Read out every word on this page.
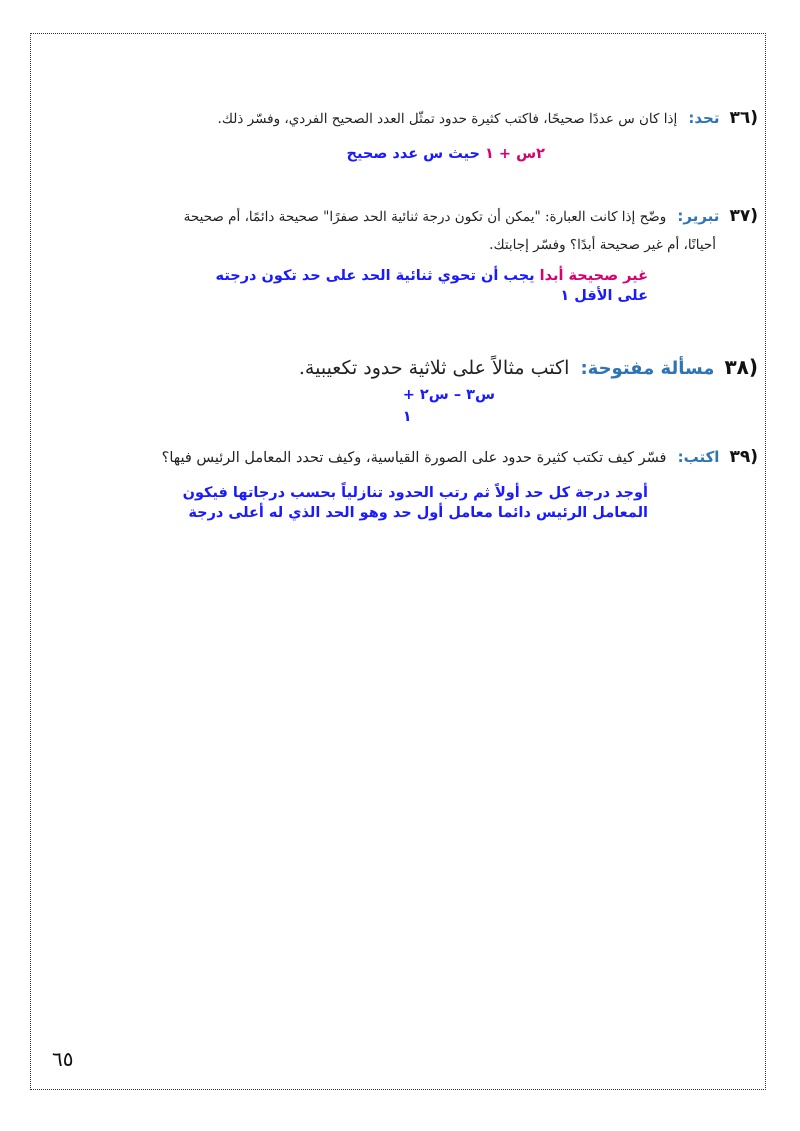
(٣٦تحد: إذا كان س عددًا صحيحًا، فاكتب كثيرة حدود تمثّل العدد الصحيح الفردي، وفسّر ذلك.
٢س + ١ حيث س عدد صحيح
(٣٧تبرير: وضّح إذا كانت العبارة: "يمكن أن تكون درجة ثنائية الحد صفرًا" صحيحة دائمًا، أم صحيحة
أحيانًا، أم غير صحيحة أبدًا؟ وفسّر إجابتك.
غير صحيحة أبدا يجب أن تحوي ثنائية الحد على حد تكون درجته
على الأقل ١
(٣٨مسألة مفتوحة: اكتب مثالاً على ثلاثية حدود تكعيبية.
س٣ – س٢ +
١
(٣٩اكتب: فسّر كيف تكتب كثيرة حدود على الصورة القياسية، وكيف تحدد المعامل الرئيس فيها؟
أوجد درجة كل حد أولاً ثم رتب الحدود تنازلياً بحسب درجاتها فيكون
المعامل الرئيس دائما معامل أول حد وهو الحد الذي له أعلى درجة
٦٥
